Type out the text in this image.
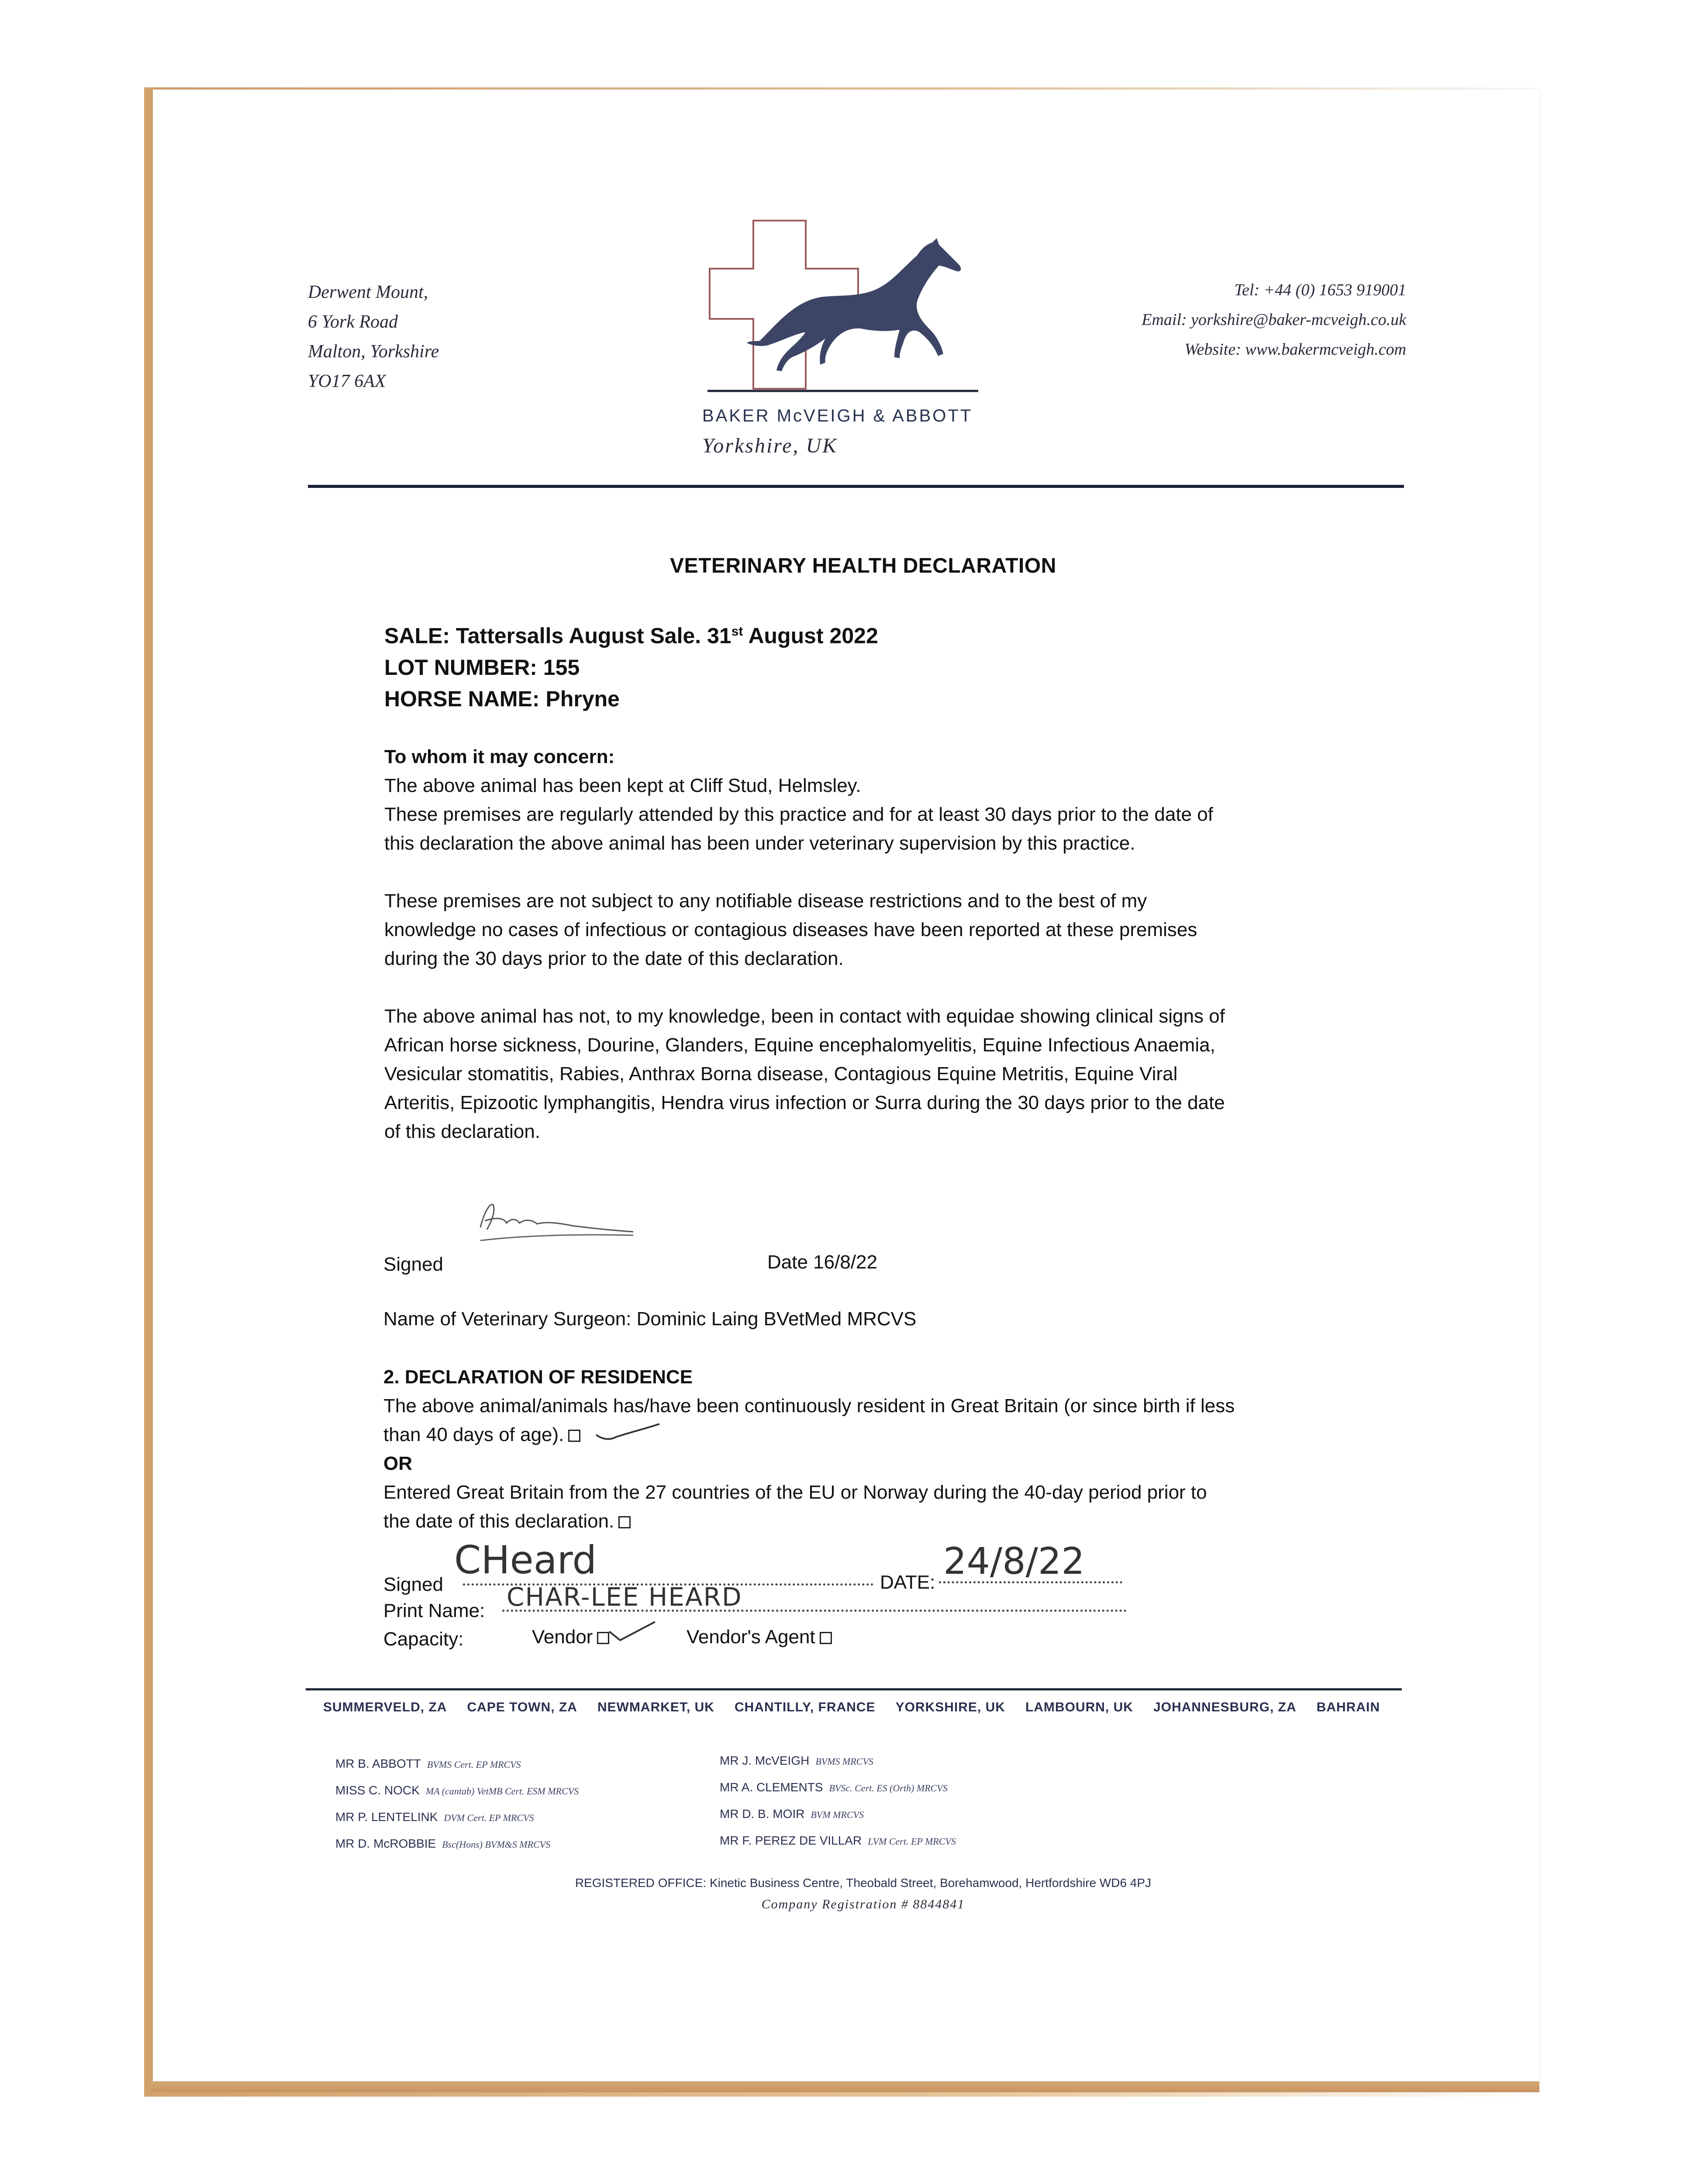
Derwent Mount,
6 York Road
Malton, Yorkshire
YO17 6AX
BAKER McVEIGH & ABBOTT
Yorkshire, UK
Tel: +44 (0) 1653 919001
Email: yorkshire@baker-mcveigh.co.uk
Website: www.bakermcveigh.com
VETERINARY HEALTH DECLARATION
SALE: Tattersalls August Sale. 31st August 2022
LOT NUMBER: 155
HORSE NAME: Phryne
To whom it may concern:
The above animal has been kept at Cliff Stud, Helmsley.
These premises are regularly attended by this practice and for at least 30 days prior to the date of
this declaration the above animal has been under veterinary supervision by this practice.
These premises are not subject to any notifiable disease restrictions and to the best of my
knowledge no cases of infectious or contagious diseases have been reported at these premises
during the 30 days prior to the date of this declaration.
The above animal has not, to my knowledge, been in contact with equidae showing clinical signs of
African horse sickness, Dourine, Glanders, Equine encephalomyelitis, Equine Infectious Anaemia,
Vesicular stomatitis, Rabies, Anthrax Borna disease, Contagious Equine Metritis, Equine Viral
Arteritis, Epizootic lymphangitis, Hendra virus infection or Surra during the 30 days prior to the date
of this declaration.
Signed	Date 16/8/22
Name of Veterinary Surgeon: Dominic Laing BVetMed MRCVS
2. DECLARATION OF RESIDENCE
The above animal/animals has/have been continuously resident in Great Britain (or since birth if less
than 40 days of age).
OR
Entered Great Britain from the 27 countries of the EU or Norway during the 40-day period prior to
the date of this declaration.
Signed
CHeard	DATE: 24/8/22
Print Name: CHAR-LEE HEARD
Capacity:	Vendor	Vendor's Agent
SUMMERVELD, ZA CAPE TOWN, ZA NEWMARKET, UK CHANTILLY, FRANCE YORKSHIRE, UK LAMBOURN, UK JOHANNESBURG, ZA BAHRAIN
MR B. ABBOTT BVMS Cert. EP MRCVS
MISS C. NOCK MA (cantab) VetMB Cert. ESM MRCVS
MR P. LENTELINK DVM Cert. EP MRCVS
MR D. McROBBIE Bsc(Hons) BVM&S MRCVS
MR J. McVEIGH BVMS MRCVS
MR A. CLEMENTS BVSc. Cert. ES (Orth) MRCVS
MR D. B. MOIR BVM MRCVS
MR F. PEREZ DE VILLAR LVM Cert. EP MRCVS
REGISTERED OFFICE: Kinetic Business Centre, Theobald Street, Borehamwood, Hertfordshire WD6 4PJ
Company Registration # 8844841
